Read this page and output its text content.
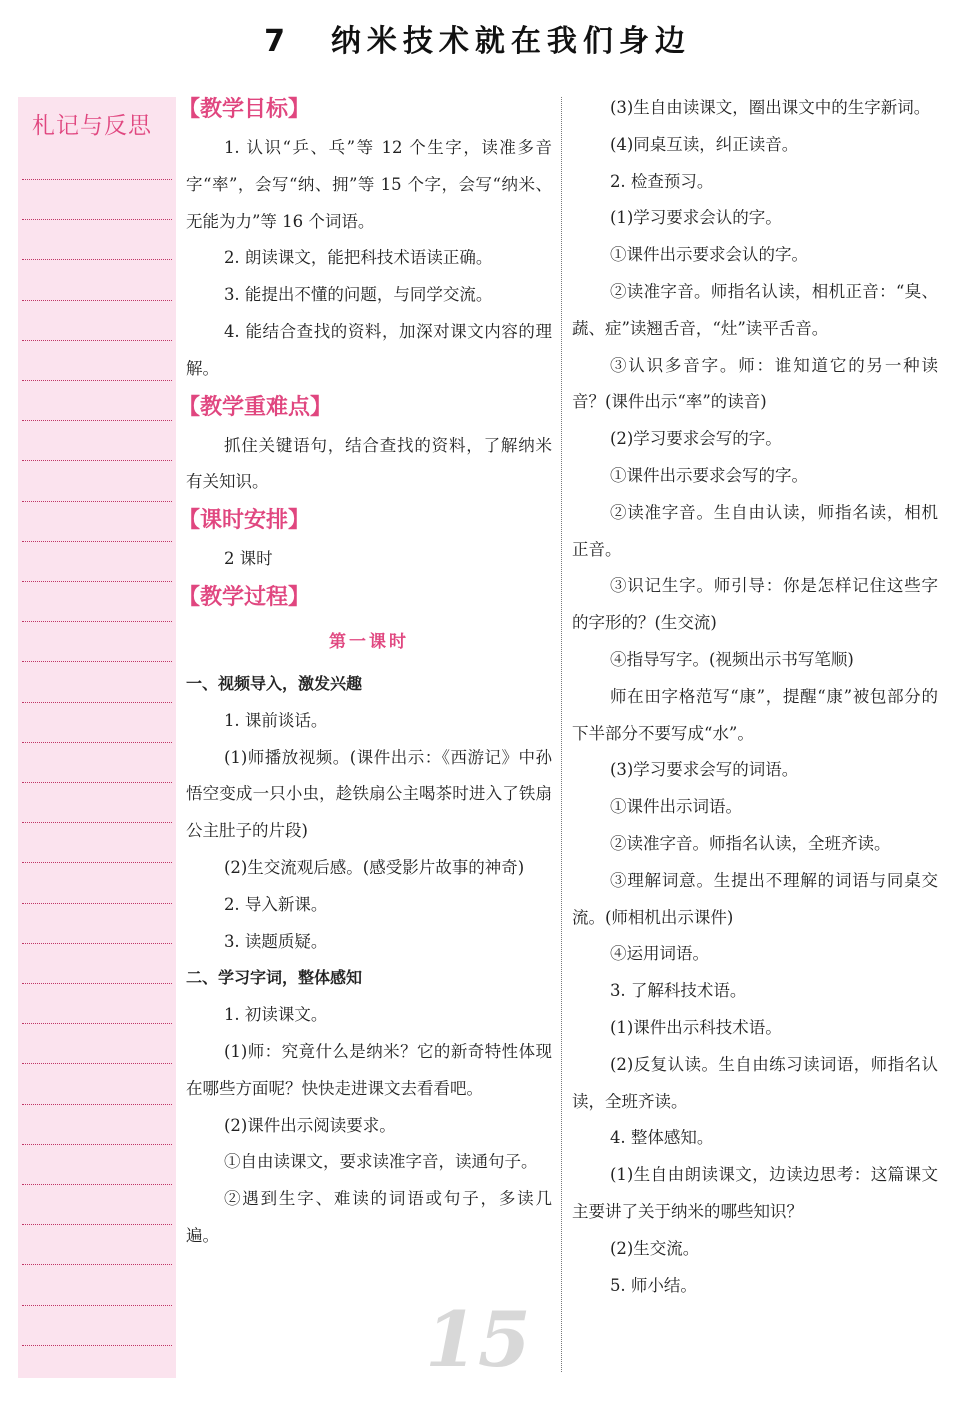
7 纳米技术就在我们身边
札记与反思
【教学目标】

1. 认识“乒、乓”等 12 个生字，读准多音字“率”，会写“纳、拥”等 15 个字，会写“纳米、无能为力”等 16 个词语。

2. 朗读课文，能把科技术语读正确。

3. 能提出不懂的问题，与同学交流。

4. 能结合查找的资料，加深对课文内容的理解。

【教学重难点】

抓住关键语句，结合查找的资料，了解纳米有关知识。

【课时安排】

2 课时

【教学过程】
第一课时

一、视频导入，激发兴趣

1. 课前谈话。

(1)师播放视频。(课件出示：《西游记》中孙悟空变成一只小虫，趁铁扇公主喝茶时进入了铁扇公主肚子的片段)

(2)生交流观后感。(感受影片故事的神奇)

2. 导入新课。

3. 读题质疑。

二、学习字词，整体感知

1. 初读课文。

(1)师：究竟什么是纳米？它的新奇特性体现在哪些方面呢？快快走进课文去看看吧。

(2)课件出示阅读要求。

①自由读课文，要求读准字音，读通句子。

②遇到生字、难读的词语或句子，多读几遍。

(3)生自由读课文，圈出课文中的生字新词。

(4)同桌互读，纠正读音。

2. 检查预习。

(1)学习要求会认的字。

①课件出示要求会认的字。

②读准字音。师指名认读，相机正音：“臭、蔬、症”读翘舌音，“灶”读平舌音。

③认识多音字。师：谁知道它的另一种读音？(课件出示“率”的读音)

(2)学习要求会写的字。

①课件出示要求会写的字。

②读准字音。生自由认读，师指名读，相机正音。

③识记生字。师引导：你是怎样记住这些字的字形的？(生交流)

④指导写字。(视频出示书写笔顺)

师在田字格范写“康”，提醒“康”被包部分的下半部分不要写成“水”。

(3)学习要求会写的词语。

①课件出示词语。

②读准字音。师指名认读，全班齐读。

③理解词意。生提出不理解的词语与同桌交流。(师相机出示课件)

④运用词语。

3. 了解科技术语。

(1)课件出示科技术语。

(2)反复认读。生自由练习读词语，师指名认读，全班齐读。

4. 整体感知。

(1)生自由朗读课文，边读边思考：这篇课文主要讲了关于纳米的哪些知识？

(2)生交流。

5. 师小结。

15
